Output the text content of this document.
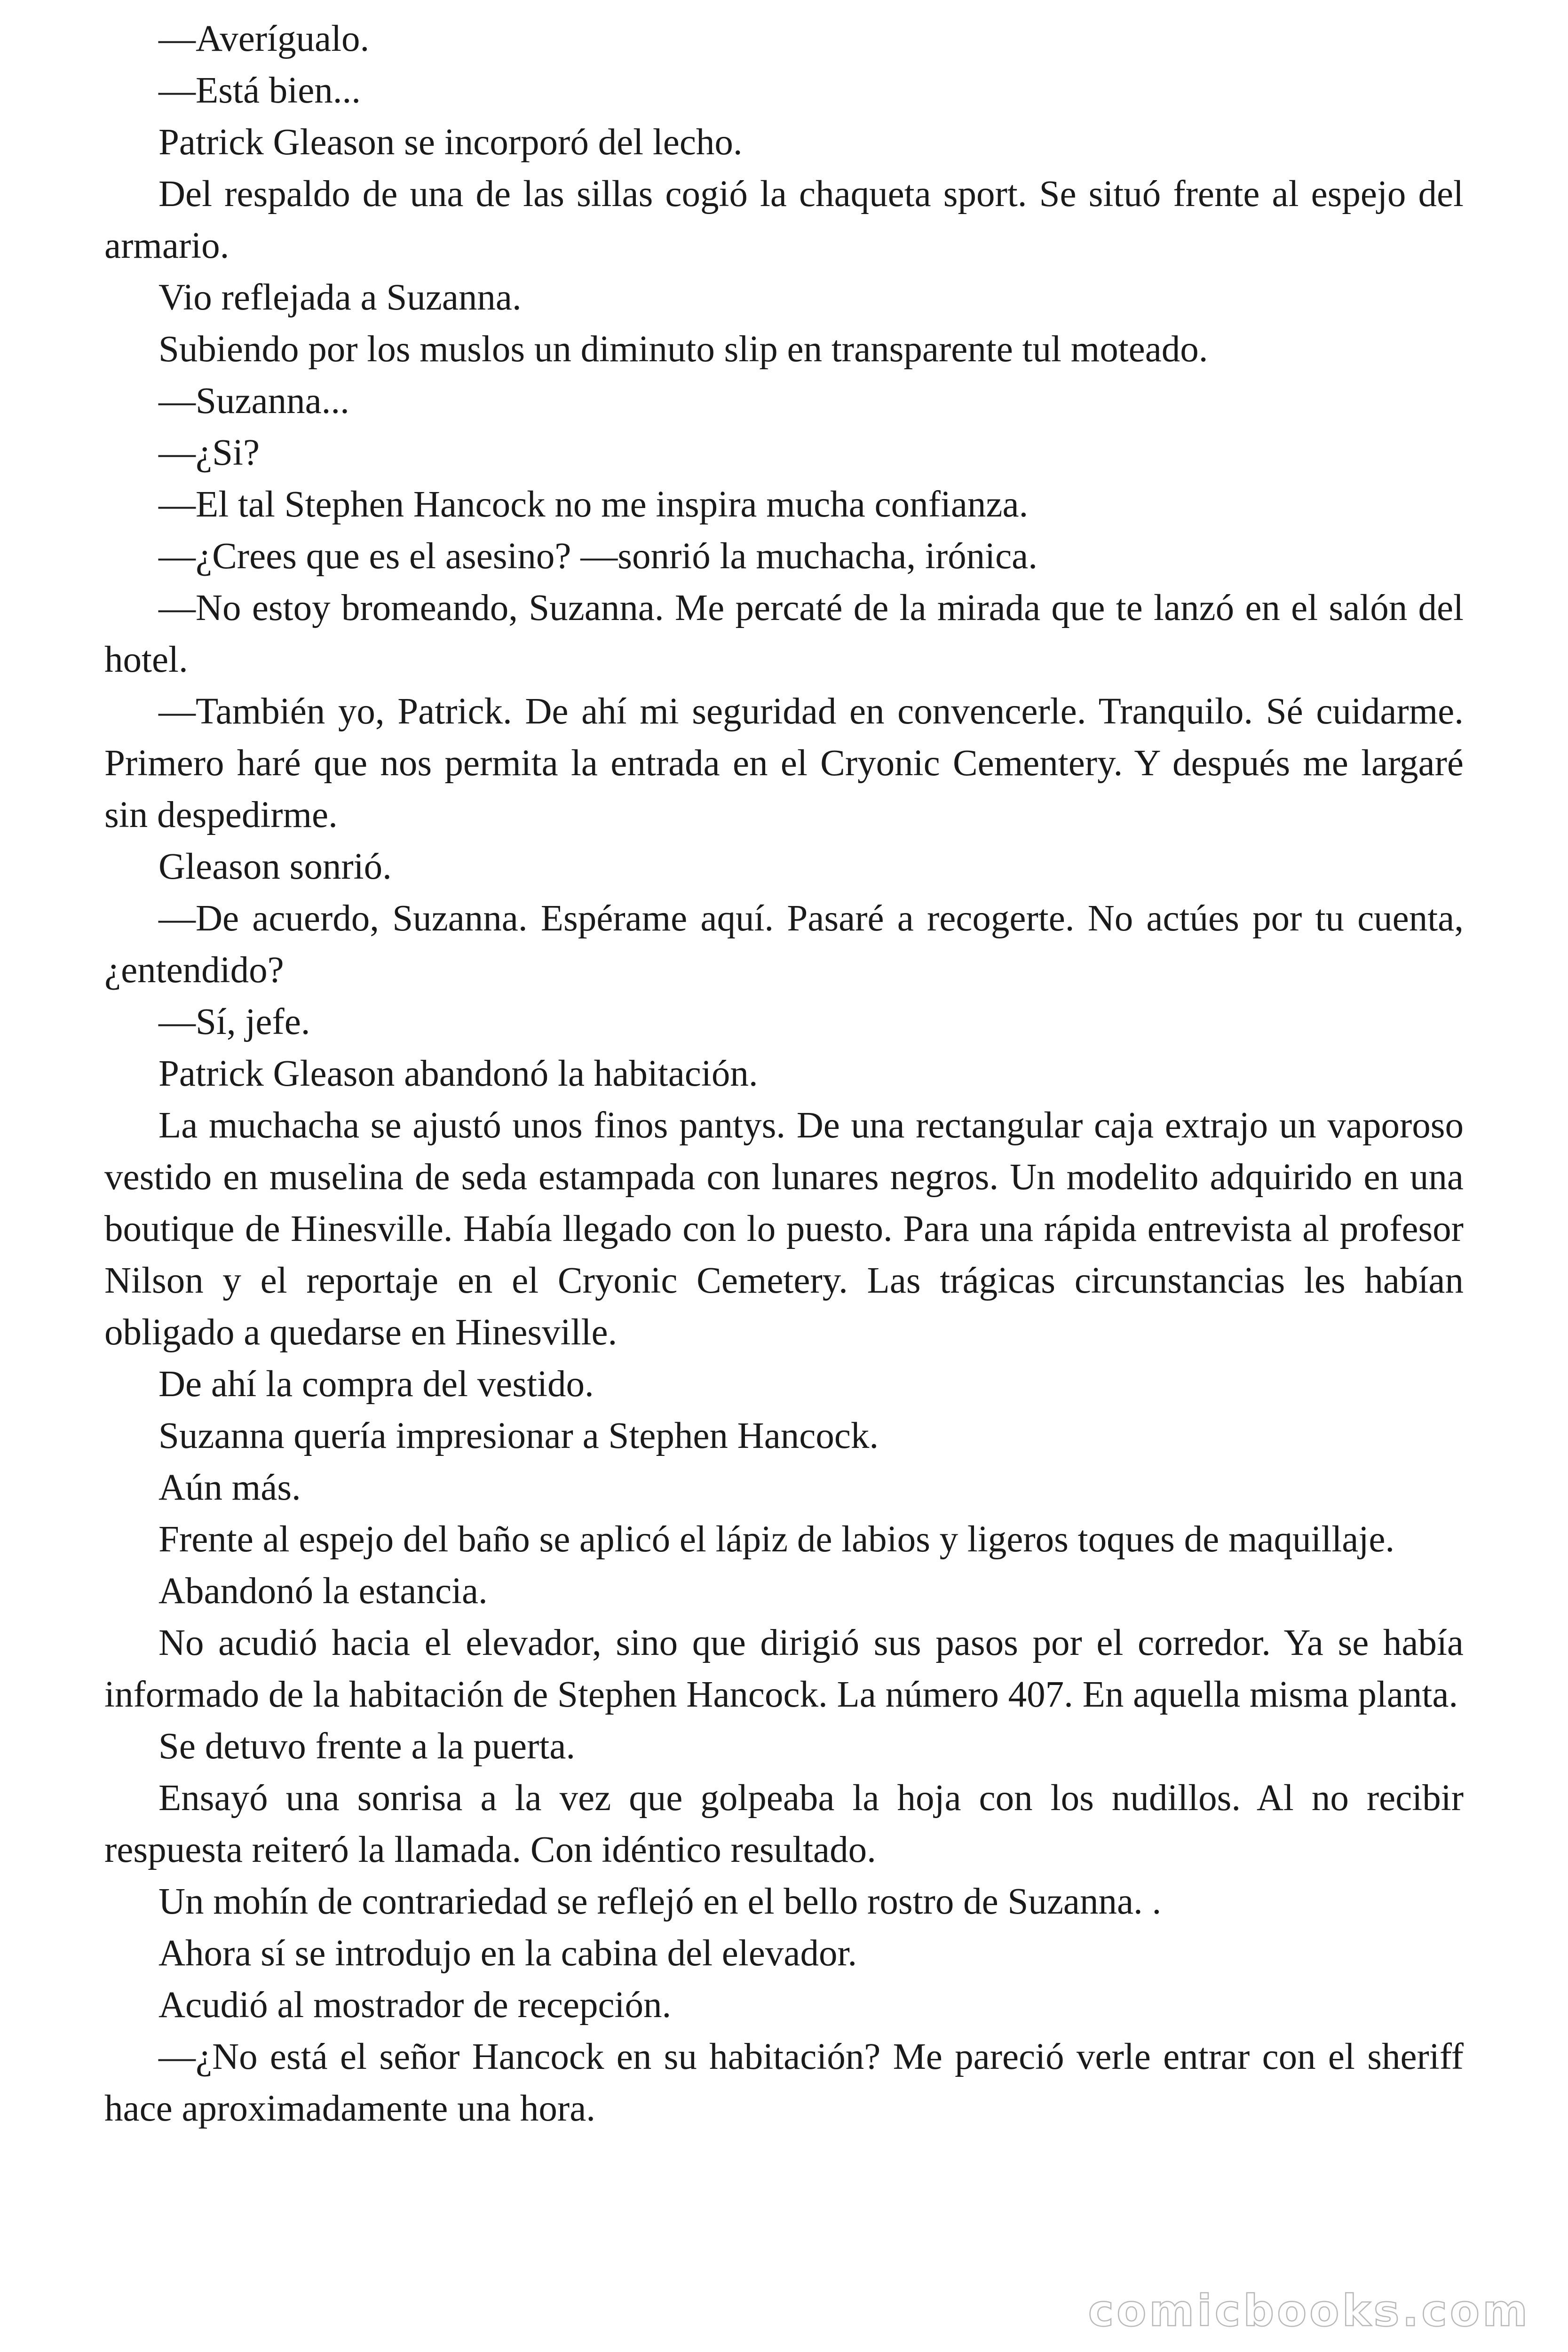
—Averígualo.

—Está bien...

Patrick Gleason se incorporó del lecho.

Del respaldo de una de las sillas cogió la chaqueta sport. Se situó frente al espejo del armario.

Vio reflejada a Suzanna.

Subiendo por los muslos un diminuto slip en transparente tul moteado.

—Suzanna...

—¿Si?

—El tal Stephen Hancock no me inspira mucha confianza.

—¿Crees que es el asesino? —sonrió la muchacha, irónica.

—No estoy bromeando, Suzanna. Me percaté de la mirada que te lanzó en el salón del hotel.

—También yo, Patrick. De ahí mi seguridad en convencerle. Tranquilo. Sé cuidarme. Primero haré que nos permita la entrada en el Cryonic Cementery. Y después me largaré sin despedirme.

Gleason sonrió.

—De acuerdo, Suzanna. Espérame aquí. Pasaré a recogerte. No actúes por tu cuenta, ¿entendido?

—Sí, jefe.

Patrick Gleason abandonó la habitación.

La muchacha se ajustó unos finos pantys. De una rectangular caja extrajo un vaporoso vestido en muselina de seda estampada con lunares negros. Un modelito adquirido en una boutique de Hinesville. Había llegado con lo puesto. Para una rápida entrevista al profesor Nilson y el reportaje en el Cryonic Cemetery. Las trágicas circunstancias les habían obligado a quedarse en Hinesville.

De ahí la compra del vestido.

Suzanna quería impresionar a Stephen Hancock.

Aún más.

Frente al espejo del baño se aplicó el lápiz de labios y ligeros toques de maquillaje.

Abandonó la estancia.

No acudió hacia el elevador, sino que dirigió sus pasos por el corredor. Ya se había informado de la habitación de Stephen Hancock. La número 407. En aquella misma planta.

Se detuvo frente a la puerta.

Ensayó una sonrisa a la vez que golpeaba la hoja con los nudillos. Al no recibir respuesta reiteró la llamada. Con idéntico resultado.

Un mohín de contrariedad se reflejó en el bello rostro de Suzanna. .

Ahora sí se introdujo en la cabina del elevador.

Acudió al mostrador de recepción.

—¿No está el señor Hancock en su habitación? Me pareció verle entrar con el sheriff hace aproximadamente una hora.

comicbooks.com
